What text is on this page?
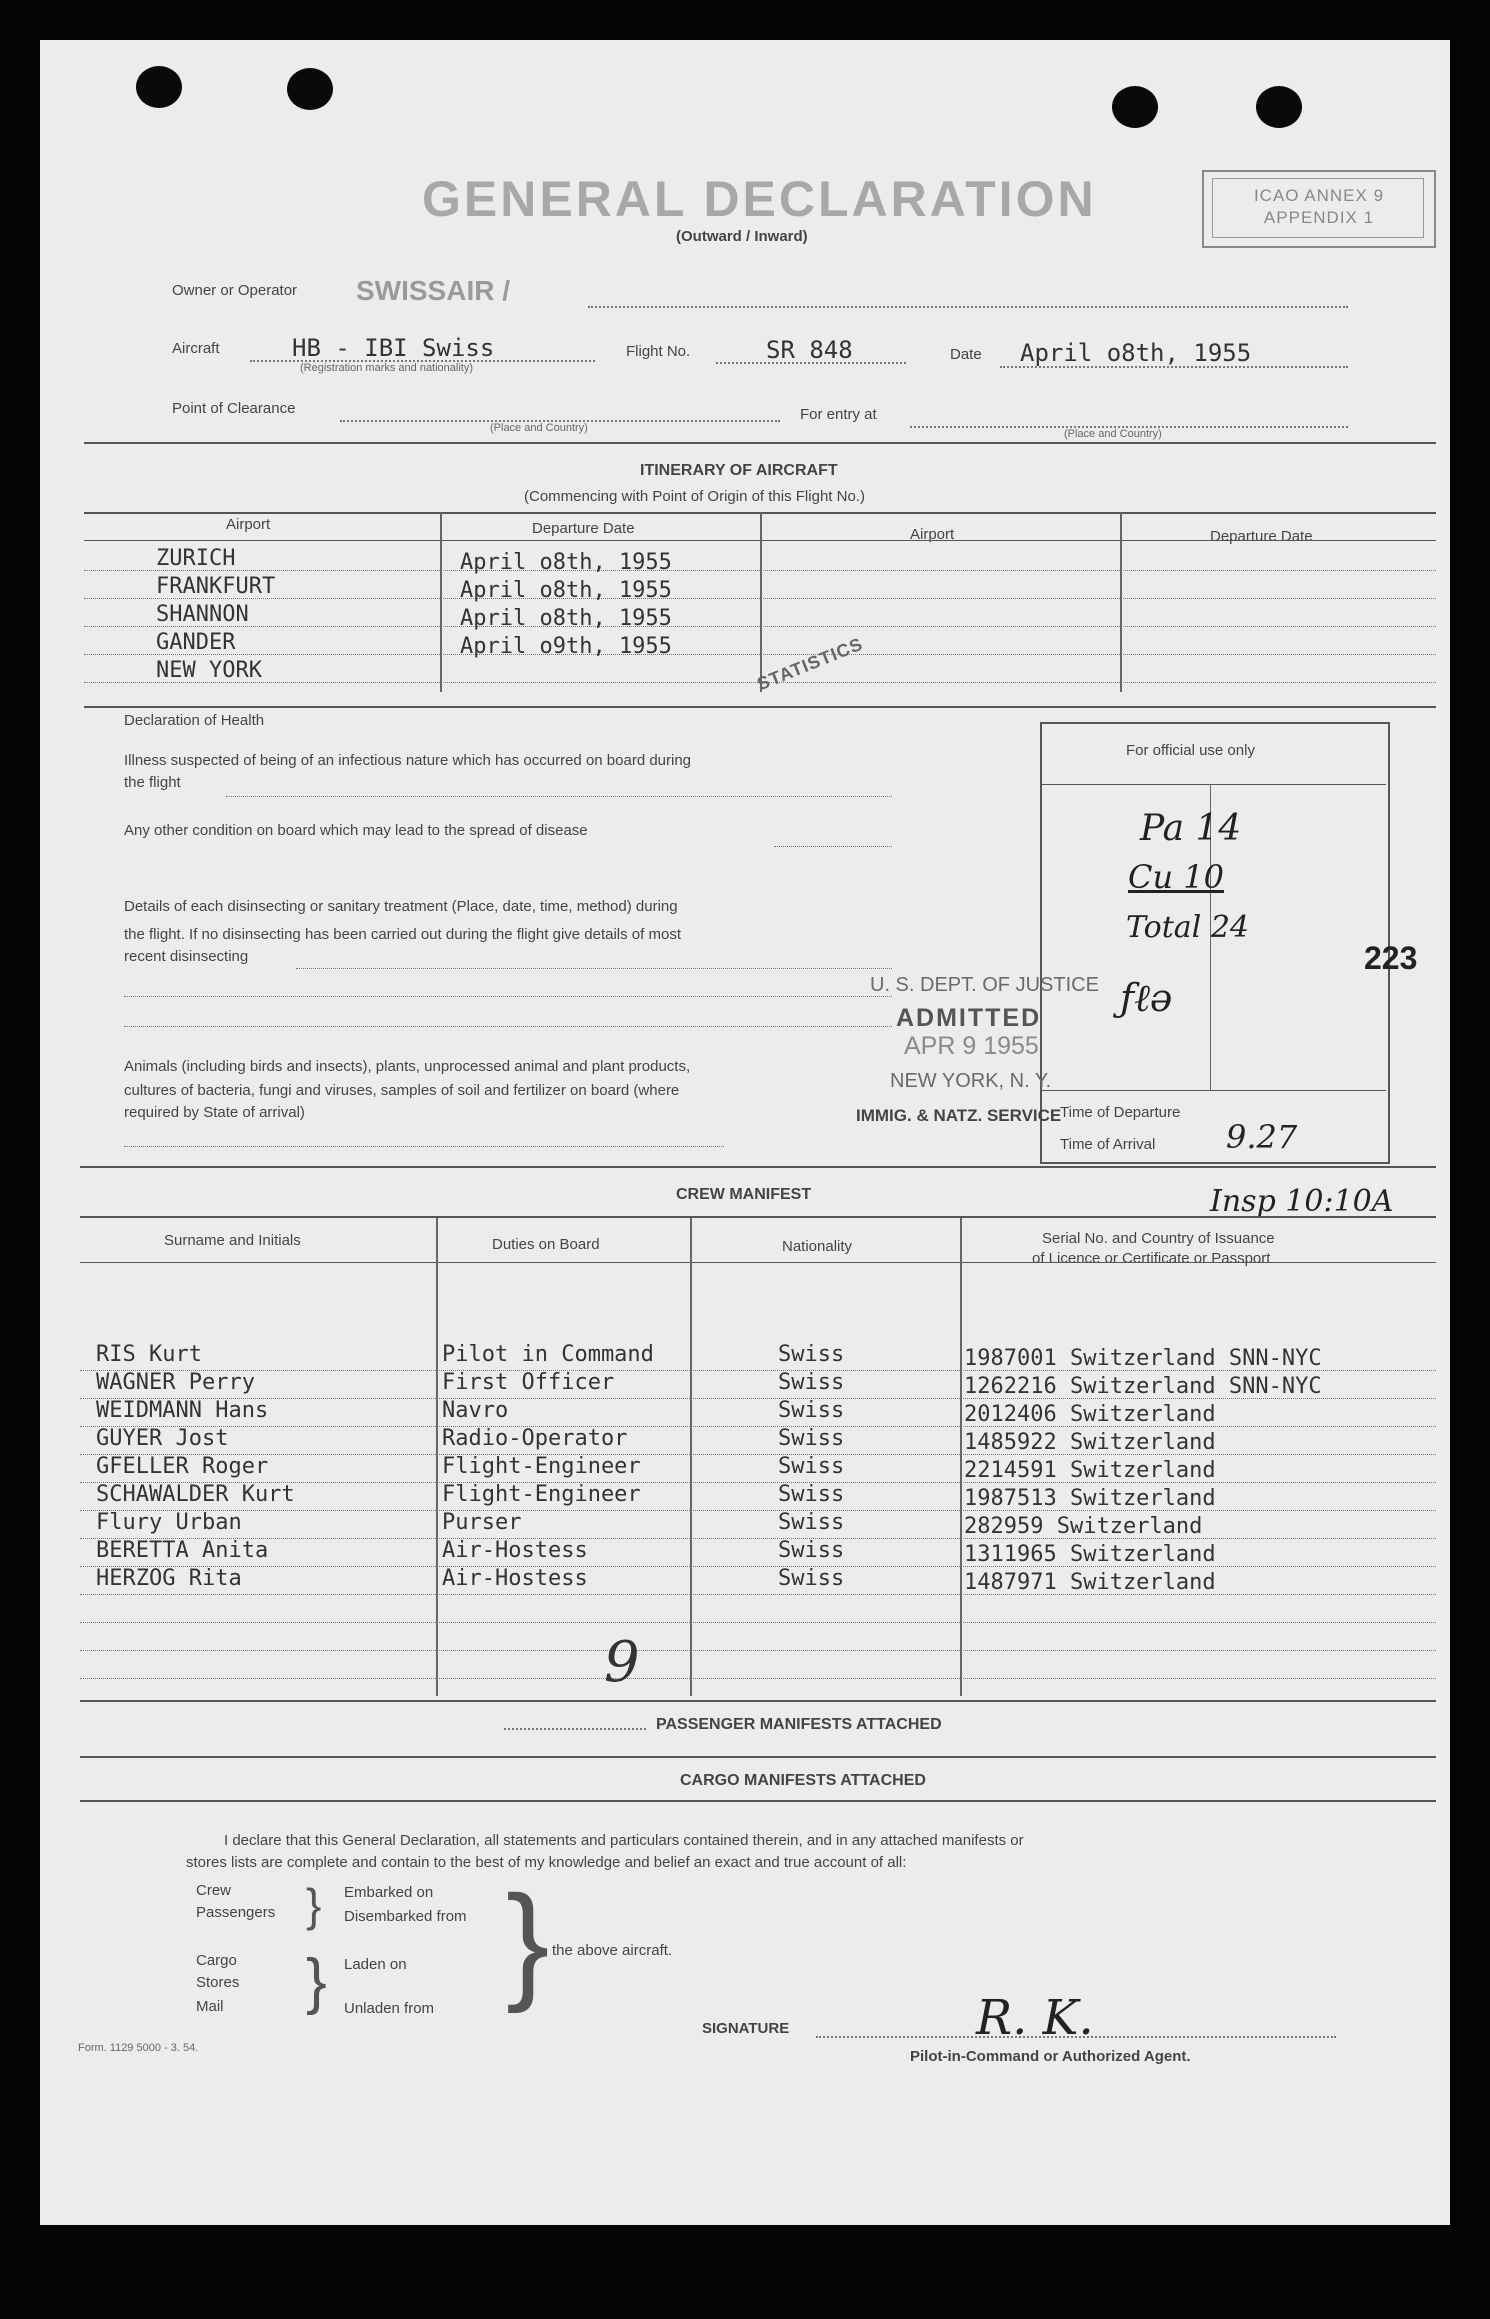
GENERAL DECLARATION
(Outward / Inward)
ICAO ANNEX 9
APPENDIX 1
Owner or Operator SWISSAIR /
Aircraft	HB - IBI Swiss
(Registration marks and nationality)
Flight No.	SR 848	Date April o8th, 1955
Point of Clearance
(Place and Country)
For entry at
(Place and Country)
ITINERARY OF AIRCRAFT
(Commencing with Point of Origin of this Flight No.)
Airport	Departure Date	Airport	Departure Date
ZURICH	April o8th, 1955
FRANKFURT	April o8th, 1955
SHANNON	April o8th, 1955
GANDER	April o9th, 1955
NEW YORK	STATISTICS
Declaration of Health
Illness suspected of being of an infectious nature which has occurred on board during
the flight
Any other condition on board which may lead to the spread of disease
Details of each disinsecting or sanitary treatment (Place, date, time, method) during
the flight. If no disinsecting has been carried out during the flight give details of most
recent disinsecting
Animals (including birds and insects), plants, unprocessed animal and plant products,
cultures of bacteria, fungi and viruses, samples of soil and fertilizer on board (where
required by State of arrival)
For official use only
Pa 14
Cu 10
Total 24
ƒℓə
223
Time of Departure
Time of Arrival 9.27
Insp 10:10A
U. S. DEPT. OF JUSTICE
ADMITTED
APR 9 1955
NEW YORK, N. Y.
IMMIG. & NATZ. SERVICE
CREW MANIFEST
Surname and Initials	Duties on Board	Nationality	Serial No. and Country of Issuance
of Licence or Certificate or Passport
RIS Kurt	Pilot in Command	Swiss	1987001 Switzerland SNN-NYC
WAGNER Perry	First Officer	Swiss	1262216 Switzerland SNN-NYC
WEIDMANN Hans	Navro	Swiss	2012406 Switzerland
GUYER Jost	Radio-Operator	Swiss	1485922 Switzerland
GFELLER Roger	Flight-Engineer	Swiss	2214591 Switzerland
SCHAWALDER Kurt	Flight-Engineer	Swiss	1987513 Switzerland
Flury Urban	Purser	Swiss	282959 Switzerland
BERETTA Anita	Air-Hostess	Swiss	1311965 Switzerland
HERZOG Rita	Air-Hostess	Swiss	1487971 Switzerland
9
PASSENGER MANIFESTS ATTACHED
CARGO MANIFESTS ATTACHED
I declare that this General Declaration, all statements and particulars contained therein, and in any attached manifests or
stores lists are complete and contain to the best of my knowledge and belief an exact and true account of all:
Crew
Passengers } Embarked on
Disembarked from
Cargo
Stores
Mail } Laden on
Unladen from } the above aircraft.
SIGNATURE	R. K.
Pilot-in-Command or Authorized Agent.
Form. 1129 5000 - 3. 54.
